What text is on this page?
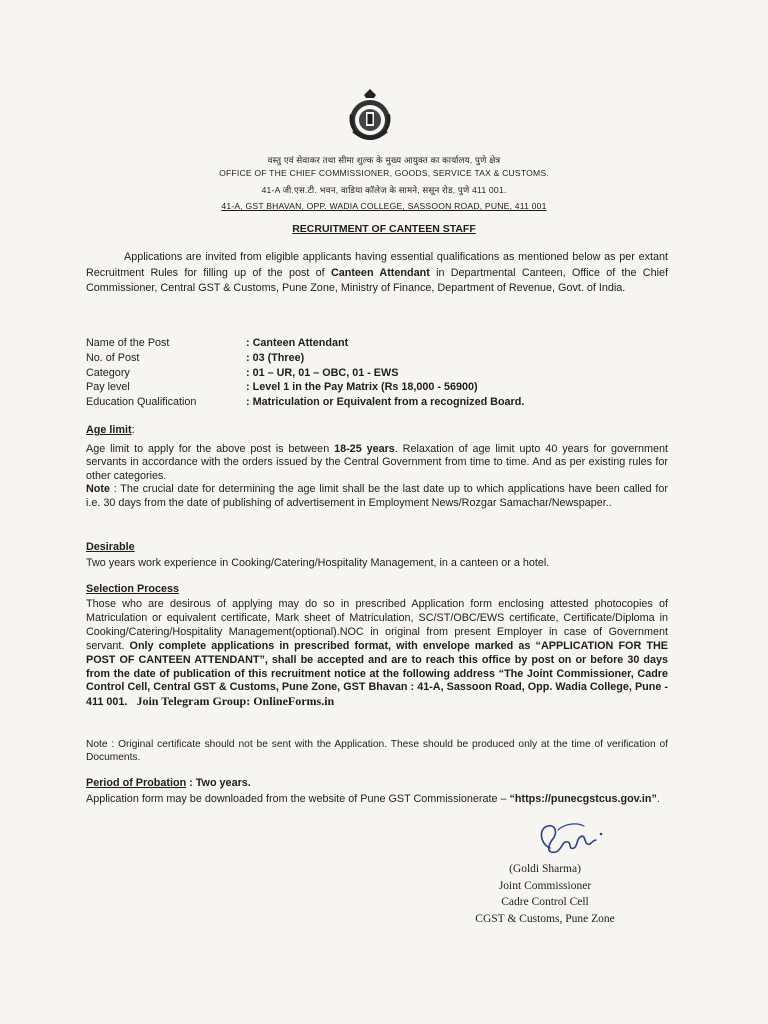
वस्तु एवं सेवाकर तथा सीमा शुल्क के मुख्य आयुक्त का कार्यालय, पुणे क्षेत्र
OFFICE OF THE CHIEF COMMISSIONER, GOODS, SERVICE TAX & CUSTOMS.
41-A जी.एस.टी. भवन, वाडिया कॉलेज के सामने, ससून रोड, पुणे 411 001.
41-A, GST BHAVAN, OPP. WADIA COLLEGE, SASSOON ROAD, PUNE, 411 001
RECRUITMENT OF CANTEEN STAFF
Applications are invited from eligible applicants having essential qualifications as mentioned below as per extant Recruitment Rules for filling up of the post of Canteen Attendant in Departmental Canteen, Office of the Chief Commissioner, Central GST & Customs, Pune Zone, Ministry of Finance, Department of Revenue, Govt. of India.
Name of the Post	: Canteen Attendant
No. of Post	: 03 (Three)
Category	: 01 – UR, 01 – OBC, 01 - EWS
Pay level	: Level 1 in the Pay Matrix (Rs 18,000 - 56900)
Education Qualification	: Matriculation or Equivalent from a recognized Board.
Age limit:
Age limit to apply for the above post is between 18-25 years. Relaxation of age limit upto 40 years for government servants in accordance with the orders issued by the Central Government from time to time. And as per existing rules for other categories.
Note : The crucial date for determining the age limit shall be the last date up to which applications have been called for i.e. 30 days from the date of publishing of advertisement in Employment News/Rozgar Samachar/Newspaper..
Desirable
Two years work experience in Cooking/Catering/Hospitality Management, in a canteen or a hotel.
Selection Process
Those who are desirous of applying may do so in prescribed Application form enclosing attested photocopies of Matriculation or equivalent certificate, Mark sheet of Matriculation, SC/ST/OBC/EWS certificate, Certificate/Diploma in Cooking/Catering/Hospitality Management(optional).NOC in original from present Employer in case of Government servant. Only complete applications in prescribed format, with envelope marked as “APPLICATION FOR THE POST OF CANTEEN ATTENDANT”, shall be accepted and are to reach this office by post on or before 30 days from the date of publication of this recruitment notice at the following address “The Joint Commissioner, Cadre Control Cell, Central GST & Customs, Pune Zone, GST Bhavan : 41-A, Sassoon Road, Opp. Wadia College, Pune - 411 001. Join Telegram Group: OnlineForms.in
Note : Original certificate should not be sent with the Application. These should be produced only at the time of verification of Documents.
Period of Probation : Two years.
Application form may be downloaded from the website of Pune GST Commissionerate – “https://punecgstcus.gov.in”.
(Goldi Sharma)
Joint Commissioner
Cadre Control Cell
CGST & Customs, Pune Zone
